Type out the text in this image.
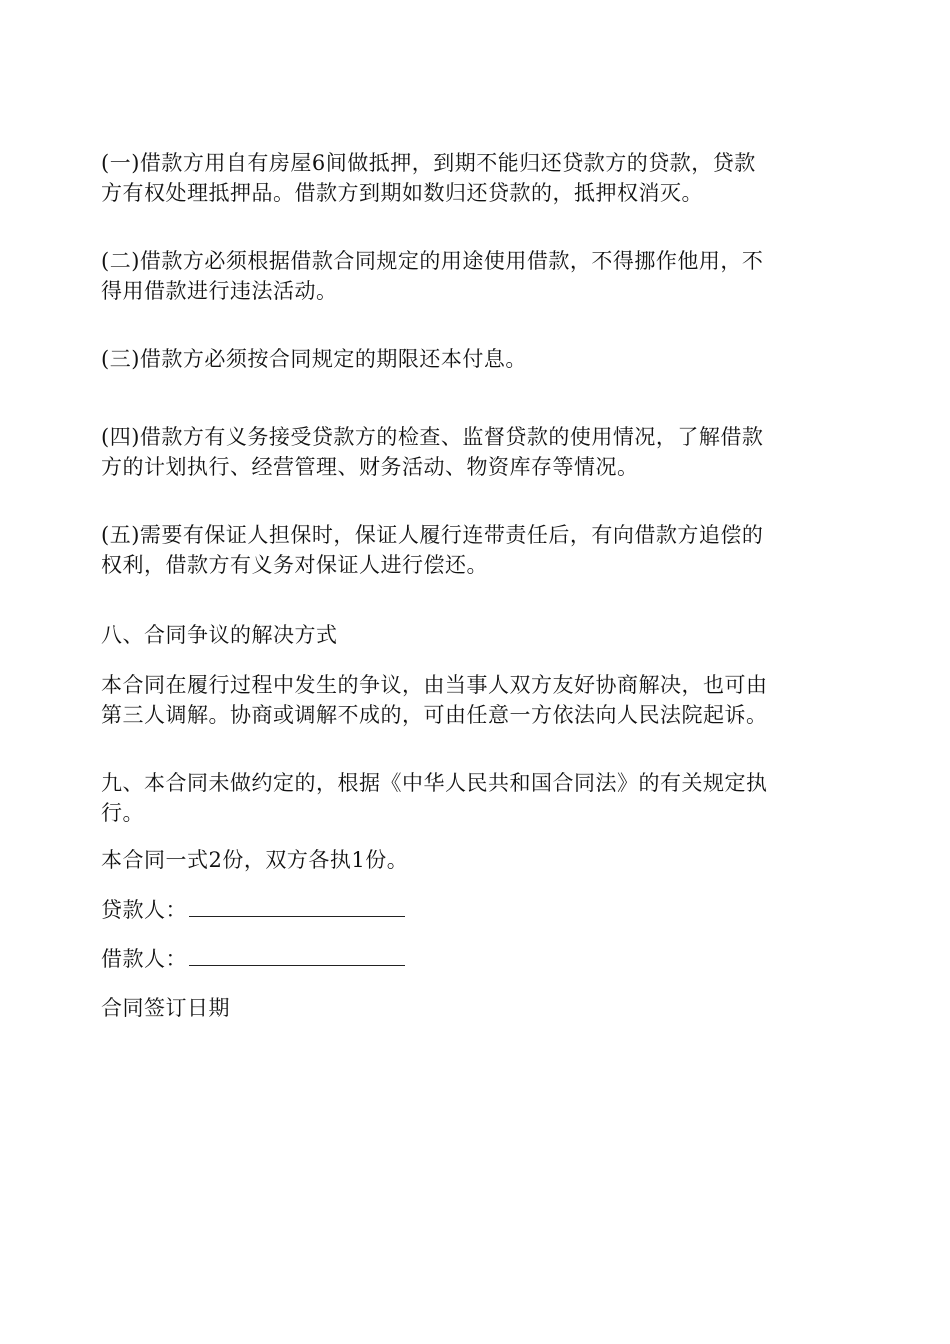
(一)借款方用自有房屋6间做抵押，到期不能归还贷款方的贷款，贷款
方有权处理抵押品。借款方到期如数归还贷款的，抵押权消灭。

(二)借款方必须根据借款合同规定的用途使用借款，不得挪作他用，不
得用借款进行违法活动。

(三)借款方必须按合同规定的期限还本付息。

(四)借款方有义务接受贷款方的检查、监督贷款的使用情况，了解借款
方的计划执行、经营管理、财务活动、物资库存等情况。

(五)需要有保证人担保时，保证人履行连带责任后，有向借款方追偿的
权利，借款方有义务对保证人进行偿还。

八、合同争议的解决方式

本合同在履行过程中发生的争议，由当事人双方友好协商解决，也可由
第三人调解。协商或调解不成的，可由任意一方依法向人民法院起诉。

九、本合同未做约定的，根据《中华人民共和国合同法》的有关规定执
行。

本合同一式2份，双方各执1份。

贷款人：
借款人：
合同签订日期
